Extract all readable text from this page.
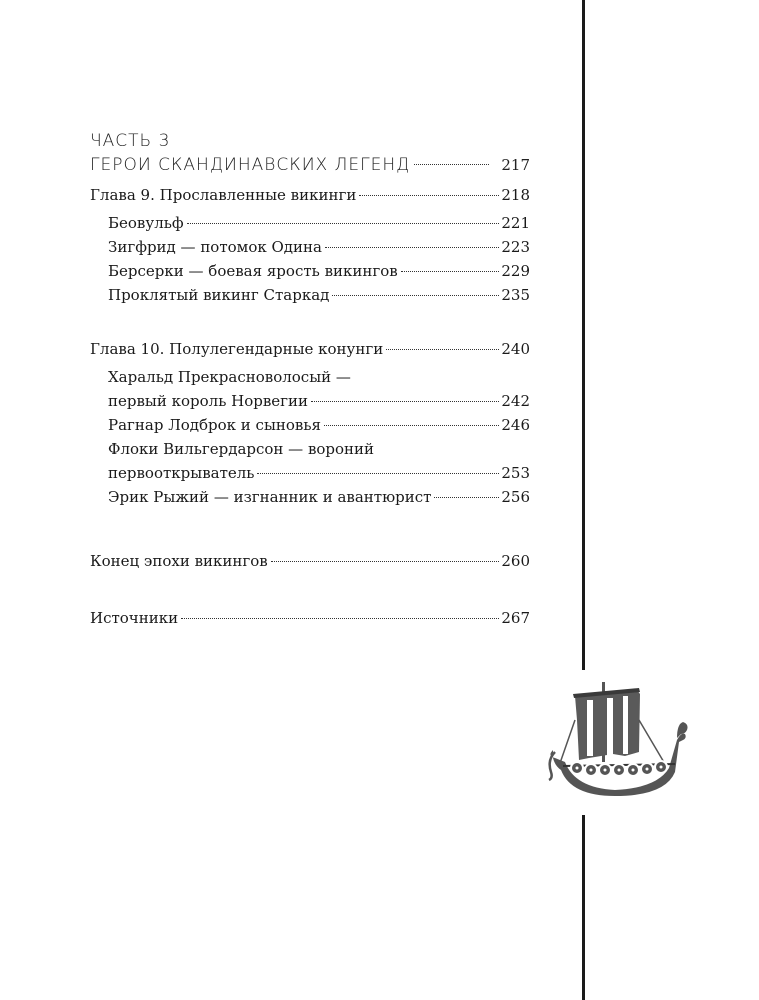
ЧАСТЬ 3
ГЕРОИ СКАНДИНАВСКИХ ЛЕГЕНД	217
Глава 9. Прославленные викинги	218
Беовульф	221
Зигфрид — потомок Одина	223
Берсерки — боевая ярость викингов	229
Проклятый викинг Старкад	235
Глава 10. Полулегендарные конунги	240
Харальд Прекрасноволосый —
первый король Норвегии	242
Рагнар Лодброк и сыновья	246
Флоки Вильгердарсон — вороний
первооткрыватель	253
Эрик Рыжий — изгнанник и авантюрист	256
Конец эпохи викингов	260
Источники	267
